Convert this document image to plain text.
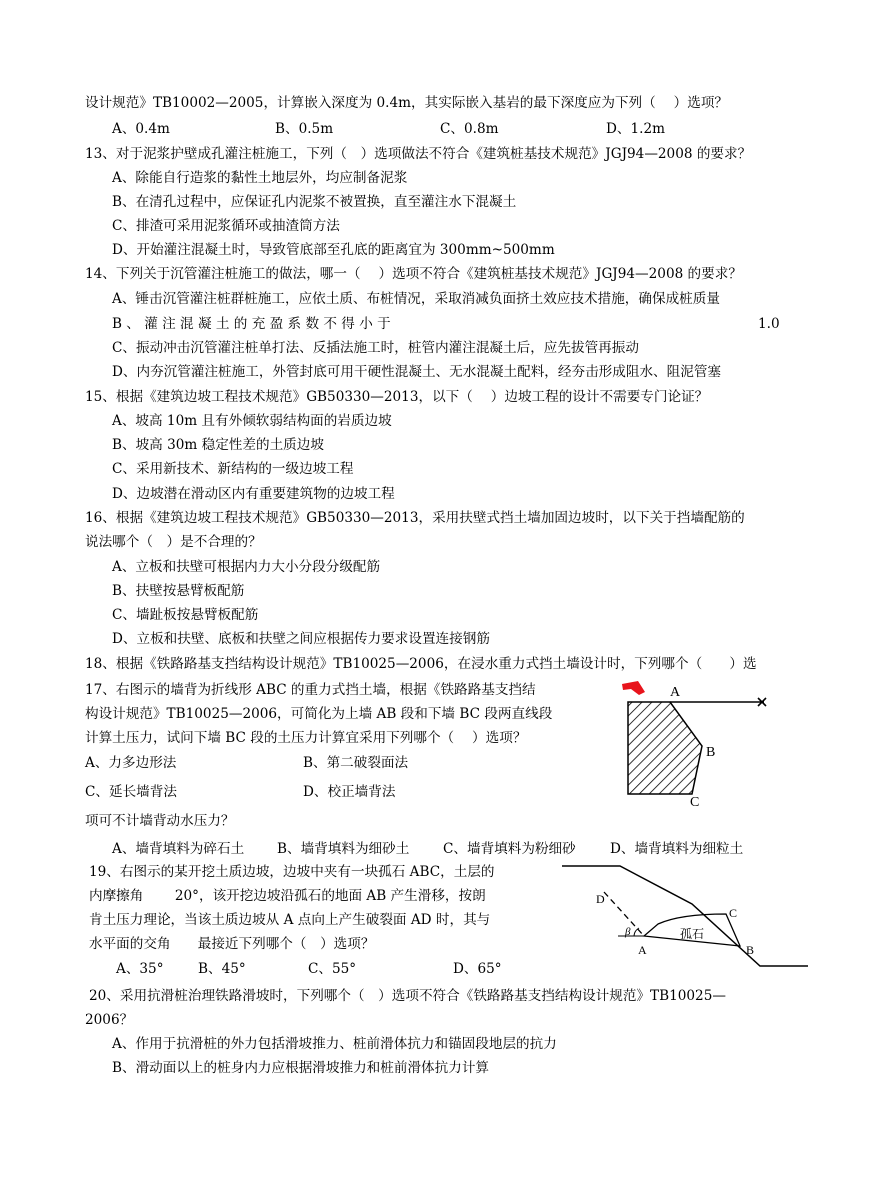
设计规范》TB10002—2005，计算嵌入深度为 0.4m，其实际嵌入基岩的最下深度应为下列（　 ）选项？
A、0.4m	B、0.5m	C、0.8m	D、1.2m
13、对于泥浆护壁成孔灌注桩施工，下列（　）选项做法不符合《建筑桩基技术规范》JGJ94—2008 的要求？
A、除能自行造浆的黏性土地层外，均应制备泥浆
B、在清孔过程中，应保证孔内泥浆不被置换，直至灌注水下混凝土
C、排渣可采用泥浆循环或抽渣筒方法
D、开始灌注混凝土时，导致管底部至孔底的距离宜为 300mm~500mm
14、下列关于沉管灌注桩施工的做法，哪一（　 ）选项不符合《建筑桩基技术规范》JGJ94—2008 的要求？
A、锤击沉管灌注桩群桩施工，应依土质、布桩情况，采取消减负面挤土效应技术措施，确保成桩质量
B 、 灌 注 混 凝 土 的 充 盈 系 数 不 得 小 于	1.0
C、振动冲击沉管灌注桩单打法、反插法施工时，桩管内灌注混凝土后，应先拔管再振动
D、内夯沉管灌注桩施工，外管封底可用干硬性混凝土、无水混凝土配料，经夯击形成阻水、阻泥管塞
15、根据《建筑边坡工程技术规范》GB50330—2013，以下（　 ）边坡工程的设计不需要专门论证？
A、坡高 10m 且有外倾软弱结构面的岩质边坡
B、坡高 30m 稳定性差的土质边坡
C、采用新技术、新结构的一级边坡工程
D、边坡潜在滑动区内有重要建筑物的边坡工程
16、根据《建筑边坡工程技术规范》GB50330—2013，采用扶壁式挡土墙加固边坡时，以下关于挡墙配筋的
说法哪个（　）是不合理的？
A、立板和扶壁可根据内力大小分段分级配筋
B、扶壁按悬臂板配筋
C、墙趾板按悬臂板配筋
D、立板和扶壁、底板和扶壁之间应根据传力要求设置连接钢筋
18、根据《铁路路基支挡结构设计规范》TB10025—2006，在浸水重力式挡土墙设计时，下列哪个（　　）选
17、右图示的墙背为折线形 ABC 的重力式挡土墙，根据《铁路路基支挡结
构设计规范》TB10025—2006，可简化为上墙 AB 段和下墙 BC 段两直线段
计算土压力，试问下墙 BC 段的土压力计算宜采用下列哪个（　 ）选项？
A、力多边形法	B、第二破裂面法
C、延长墙背法	D、校正墙背法
A
B
C
项可不计墙背动水压力？
A、墙背填料为碎石土 B、墙背填料为细砂土 C、墙背填料为粉细砂	D、墙背填料为细粒土
19、右图示的某开挖土质边坡，边坡中夹有一块孤石 ABC，土层的
内摩擦角　　 20°，该开挖边坡沿孤石的地面 AB 产生滑移，按朗
肯土压力理论，当该土质边坡从 A 点向上产生破裂面 AD 时，其与
水平面的交角　　最接近下列哪个（　）选项？
A、35°	B、45°	C、55°	D、65°
D
C
B
A
β	孤石
20、采用抗滑桩治理铁路滑坡时，下列哪个（　）选项不符合《铁路路基支挡结构设计规范》TB10025—
2006？
A、作用于抗滑桩的外力包括滑坡推力、桩前滑体抗力和锚固段地层的抗力
B、滑动面以上的桩身内力应根据滑坡推力和桩前滑体抗力计算
